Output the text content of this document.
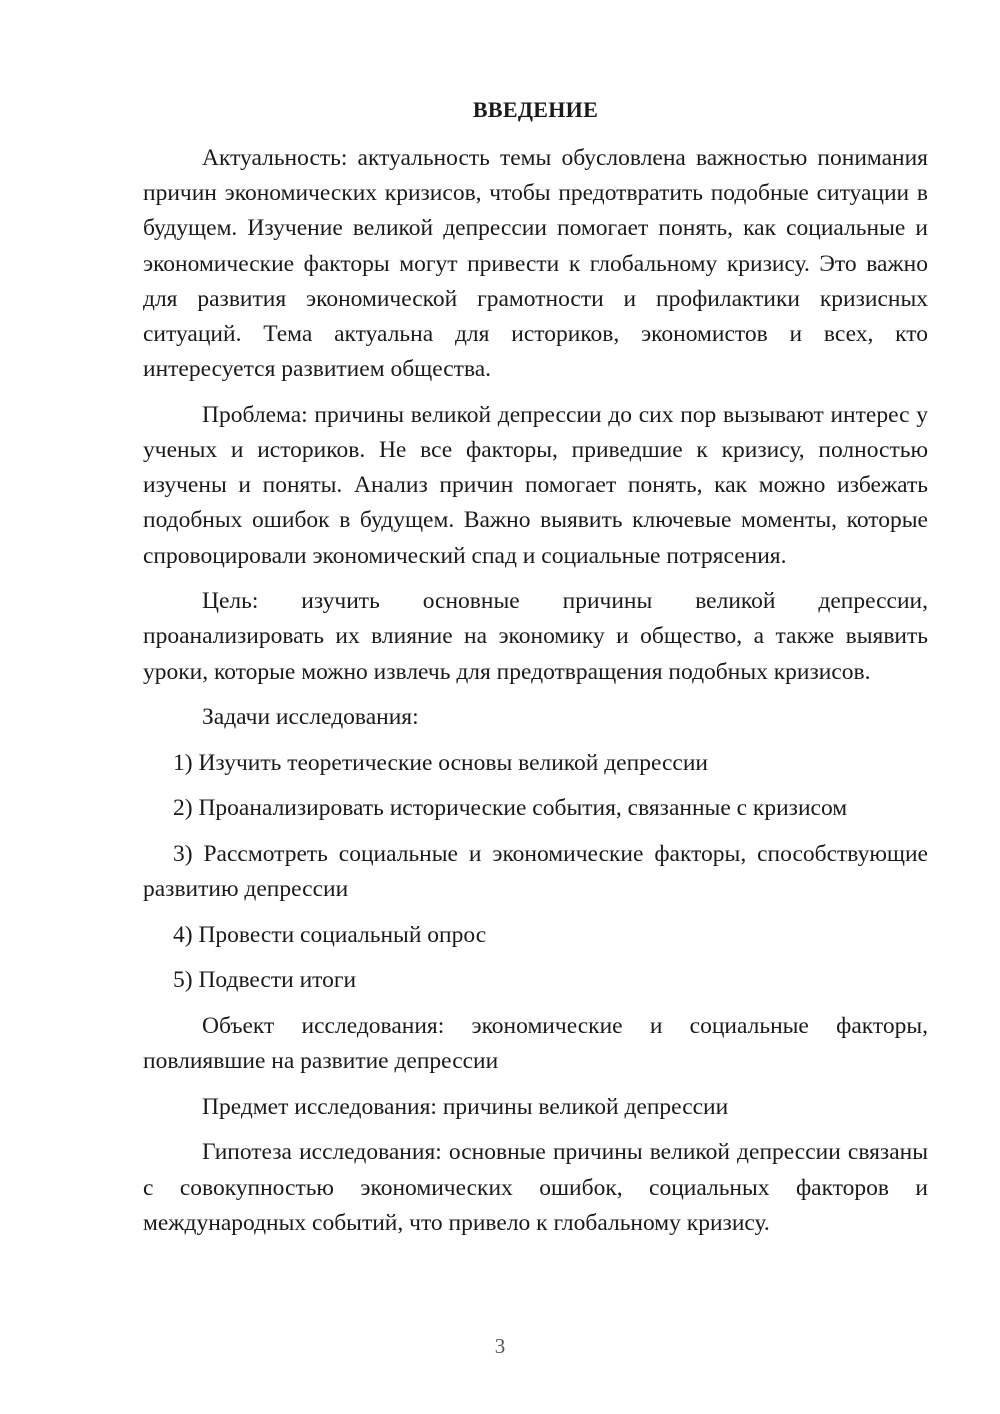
ВВЕДЕНИЕ

Актуальность: актуальность темы обусловлена важностью понимания причин экономических кризисов, чтобы предотвратить подобные ситуации в будущем. Изучение великой депрессии помогает понять, как социальные и экономические факторы могут привести к глобальному кризису. Это важно для развития экономической грамотности и профилактики кризисных ситуаций. Тема актуальна для историков, экономистов и всех, кто интересуется развитием общества.

Проблема: причины великой депрессии до сих пор вызывают интерес у ученых и историков. Не все факторы, приведшие к кризису, полностью изучены и поняты. Анализ причин помогает понять, как можно избежать подобных ошибок в будущем. Важно выявить ключевые моменты, которые спровоцировали экономический спад и социальные потрясения.

Цель: изучить основные причины великой депрессии, проанализировать их влияние на экономику и общество, а также выявить уроки, которые можно извлечь для предотвращения подобных кризисов.

Задачи исследования:

1) Изучить теоретические основы великой депрессии

2) Проанализировать исторические события, связанные с кризисом

3) Рассмотреть социальные и экономические факторы, способствующие развитию депрессии

4) Провести социальный опрос

5) Подвести итоги

Объект исследования: экономические и социальные факторы, повлиявшие на развитие депрессии

Предмет исследования: причины великой депрессии

Гипотеза исследования: основные причины великой депрессии связаны с совокупностью экономических ошибок, социальных факторов и международных событий, что привело к глобальному кризису.

3
